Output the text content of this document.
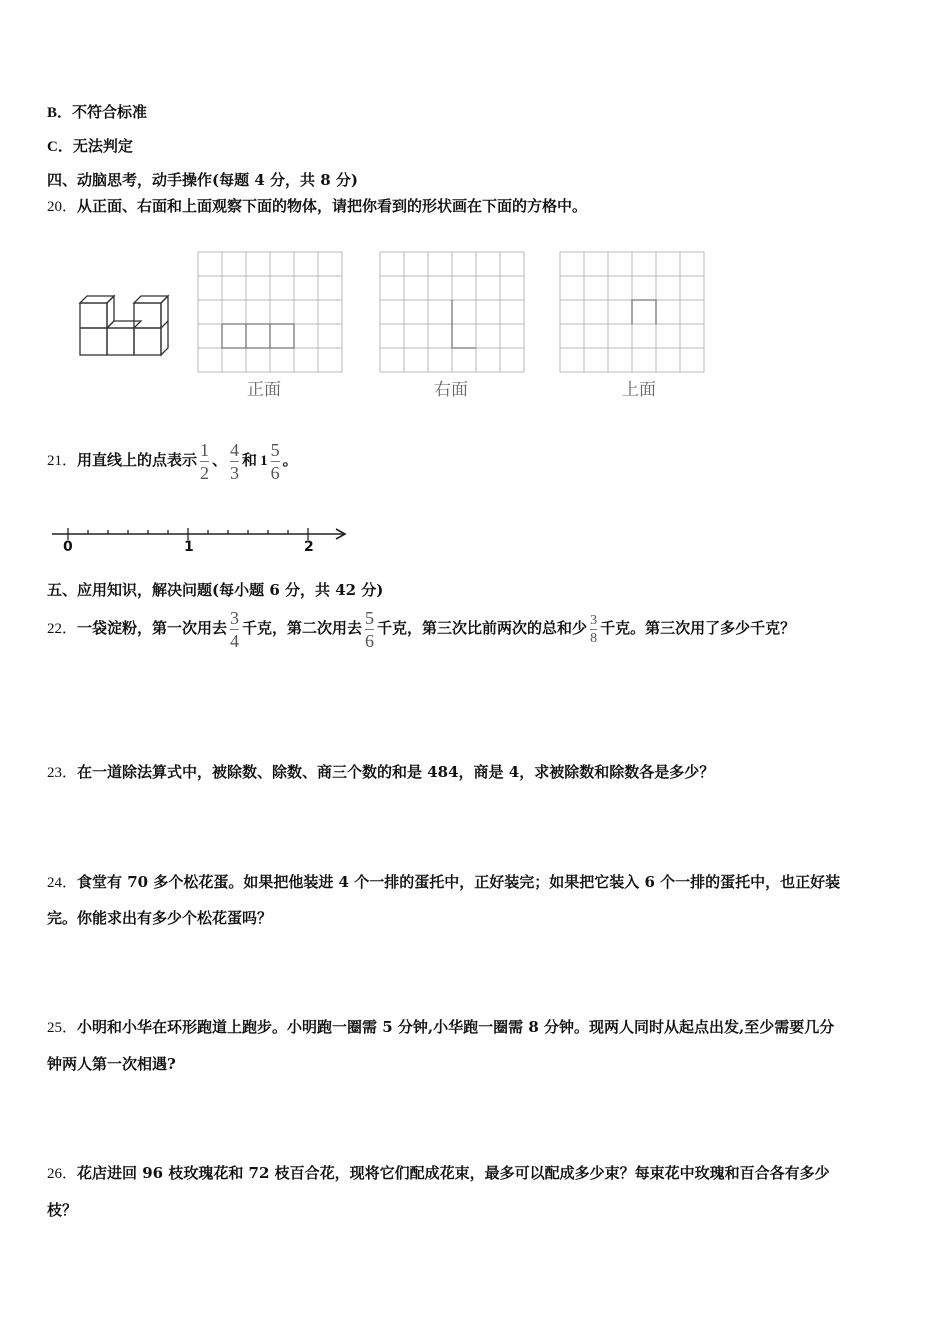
B．不符合标准
C．无法判定
四、动脑思考，动手操作(每题 4 分，共 8 分)
20．从正面、右面和上面观察下面的物体，请把你看到的形状画在下面的方格中。
正面	右面	上面
21．用直线上的点表示 $\frac{1}{2}$ 、 $\frac{4}{3}$ 和 $1 \frac{5}{6}$ 。
0	1	2
五、应用知识，解决问题(每小题 6 分，共 42 分)
22．一袋淀粉，第一次用去 $\frac{3}{4}$ 千克，第二次用去 $\frac{5}{6}$ 千克，第三次比前两次的总和少 $\frac{3}{8}$ 千克。第三次用了多少千克？
23．在一道除法算式中，被除数、除数、商三个数的和是 484，商是 4，求被除数和除数各是多少？
24．食堂有 70 多个松花蛋。如果把他装进 4 个一排的蛋托中，正好装完；如果把它装入 6 个一排的蛋托中，也正好装
完。你能求出有多少个松花蛋吗？
25．小明和小华在环形跑道上跑步。小明跑一圈需 5 分钟,小华跑一圈需 8 分钟。现两人同时从起点出发,至少需要几分
钟两人第一次相遇?
26．花店进回 96 枝玫瑰花和 72 枝百合花，现将它们配成花束，最多可以配成多少束？每束花中玫瑰和百合各有多少
枝？
